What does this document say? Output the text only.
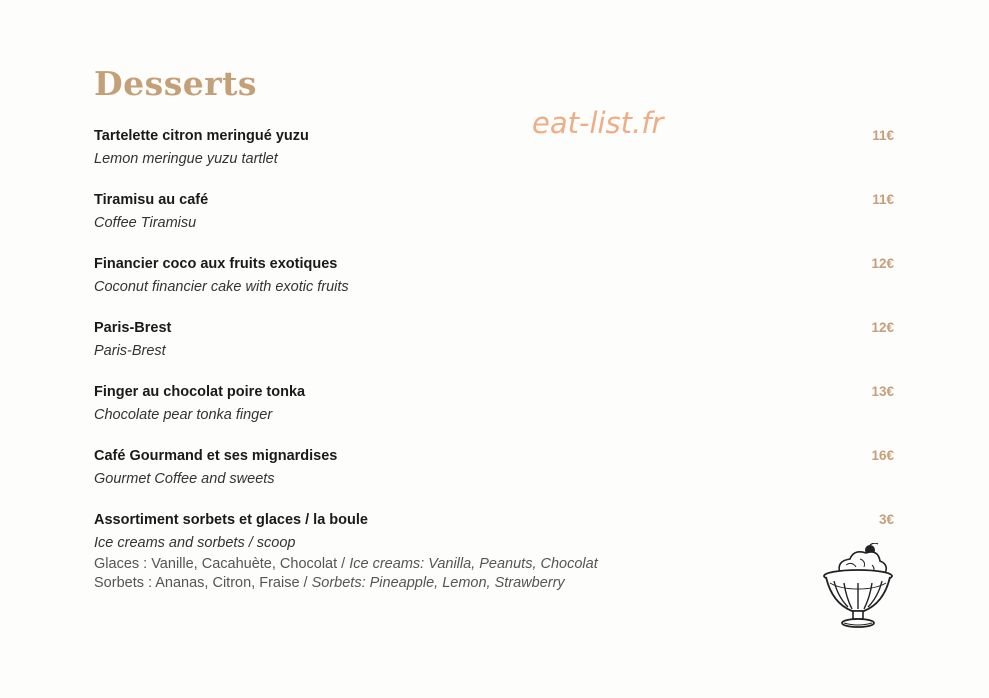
Desserts
eat-list.fr
Tartelette citron meringué yuzu
Lemon meringue yuzu tartlet
11€
Tiramisu au café
Coffee Tiramisu
11€
Financier coco aux fruits exotiques
Coconut financier cake with exotic fruits
12€
Paris-Brest
Paris-Brest
12€
Finger au chocolat poire tonka
Chocolate pear tonka finger
13€
Café Gourmand et ses mignardises
Gourmet Coffee and sweets
16€
Assortiment sorbets et glaces / la boule
Ice creams and sorbets / scoop
3€
Glaces : Vanille, Cacahuète, Chocolat / Ice creams: Vanilla, Peanuts, Chocolat
Sorbets : Ananas, Citron, Fraise / Sorbets: Pineapple, Lemon, Strawberry
